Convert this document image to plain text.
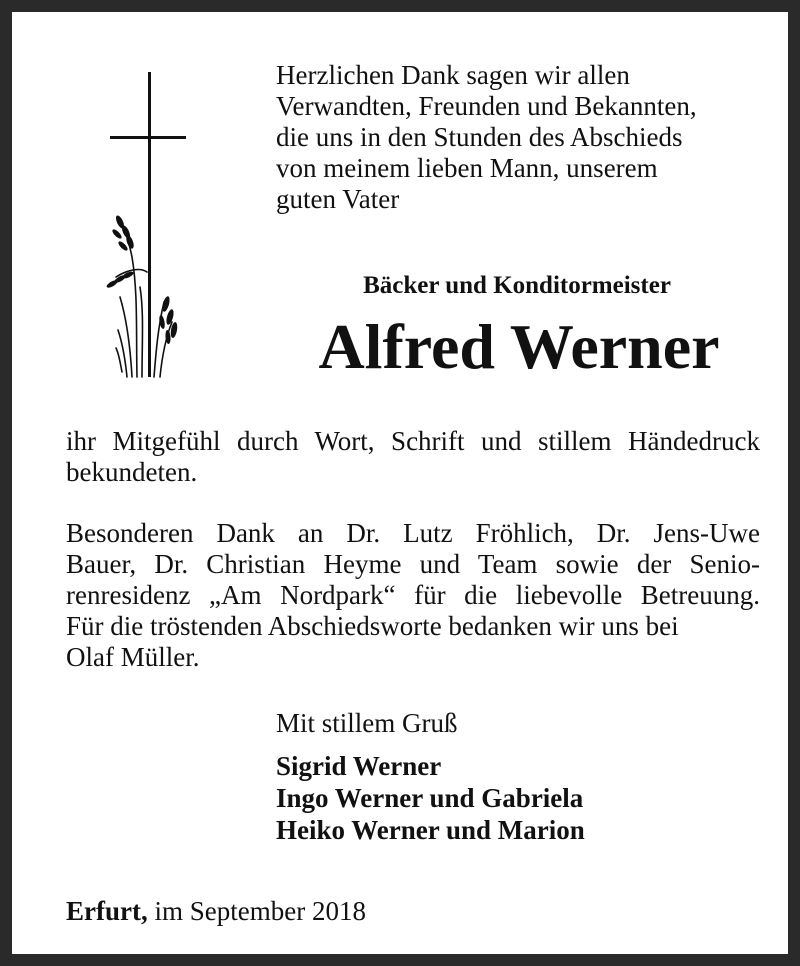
Herzlichen Dank sagen wir allen
Verwandten, Freunden und Bekannten,
die uns in den Stunden des Abschieds
von meinem lieben Mann, unserem
guten Vater
Bäcker und Konditormeister
Alfred Werner
ihr Mitgefühl durch Wort, Schrift und stillem Händedruck
bekundeten.
Besonderen Dank an Dr. Lutz Fröhlich, Dr. Jens-Uwe
Bauer, Dr. Christian Heyme und Team sowie der Senio-
renresidenz „Am Nordpark“ für die liebevolle Betreuung.
Für die tröstenden Abschiedsworte bedanken wir uns bei
Olaf Müller.
Mit stillem Gruß
Sigrid Werner
Ingo Werner und Gabriela
Heiko Werner und Marion
Erfurt, im September 2018
